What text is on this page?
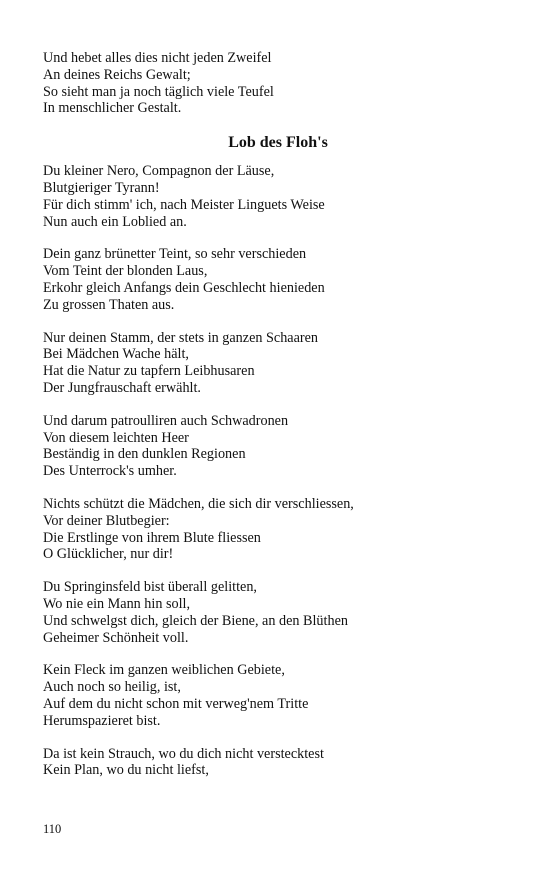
Und hebet alles dies nicht jeden Zweifel
An deines Reichs Gewalt;
So sieht man ja noch täglich viele Teufel
In menschlicher Gestalt.
Lob des Floh's
Du kleiner Nero, Compagnon der Läuse,
Blutgieriger Tyrann!
Für dich stimm' ich, nach Meister Linguets Weise
Nun auch ein Loblied an.
Dein ganz brünetter Teint, so sehr verschieden
Vom Teint der blonden Laus,
Erkohr gleich Anfangs dein Geschlecht hienieden
Zu grossen Thaten aus.
Nur deinen Stamm, der stets in ganzen Schaaren
Bei Mädchen Wache hält,
Hat die Natur zu tapfern Leibhusaren
Der Jungfrauschaft erwählt.
Und darum patroulliren auch Schwadronen
Von diesem leichten Heer
Beständig in den dunklen Regionen
Des Unterrock's umher.
Nichts schützt die Mädchen, die sich dir verschliessen,
Vor deiner Blutbegier:
Die Erstlinge von ihrem Blute fliessen
O Glücklicher, nur dir!
Du Springinsfeld bist überall gelitten,
Wo nie ein Mann hin soll,
Und schwelgst dich, gleich der Biene, an den Blüthen
Geheimer Schönheit voll.
Kein Fleck im ganzen weiblichen Gebiete,
Auch noch so heilig, ist,
Auf dem du nicht schon mit verweg'nem Tritte
Herumspazieret bist.
Da ist kein Strauch, wo du dich nicht verstecktest
Kein Plan, wo du nicht liefst,
110
